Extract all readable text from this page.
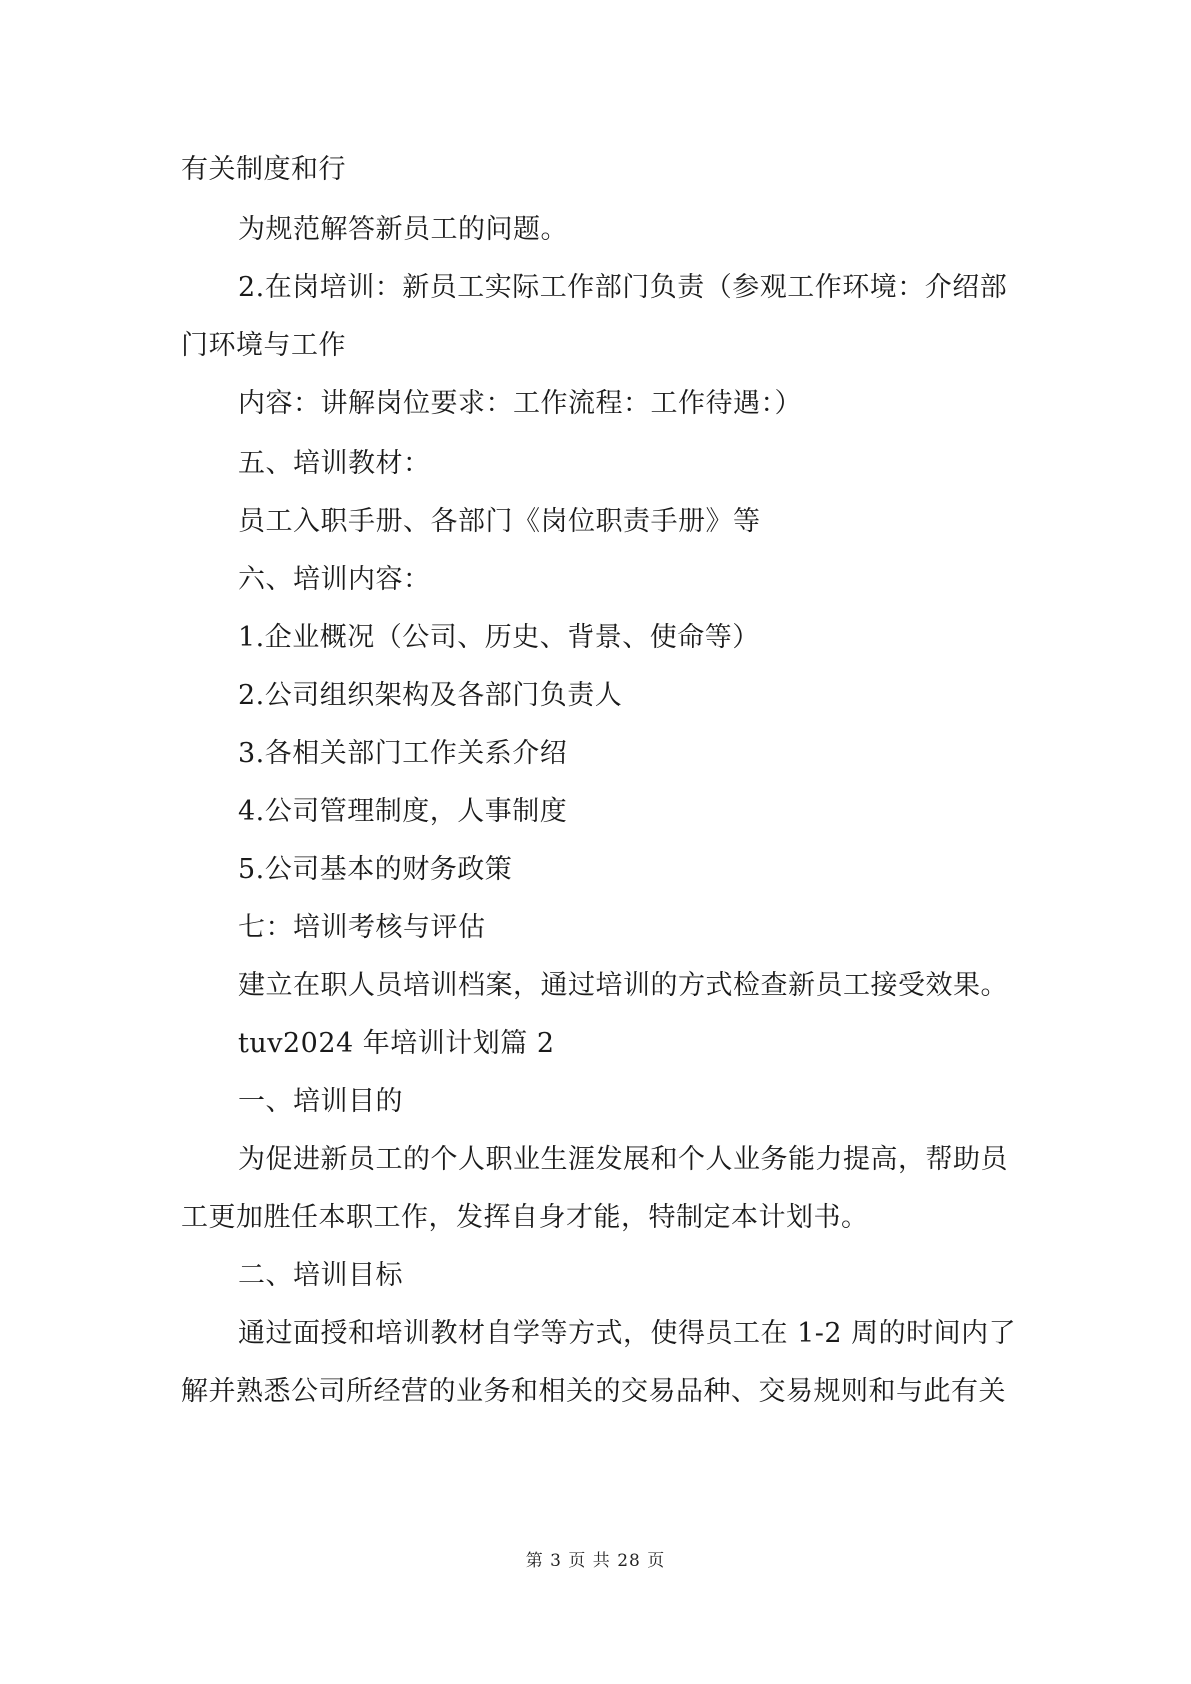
有关制度和行
为规范解答新员工的问题。
2.在岗培训：新员工实际工作部门负责（参观工作环境：介绍部
门环境与工作
内容：讲解岗位要求：工作流程：工作待遇：）
五、培训教材：
员工入职手册、各部门《岗位职责手册》等
六、培训内容：
1.企业概况（公司、历史、背景、使命等）
2.公司组织架构及各部门负责人
3.各相关部门工作关系介绍
4.公司管理制度，人事制度
5.公司基本的财务政策
七：培训考核与评估
建立在职人员培训档案，通过培训的方式检查新员工接受效果。
tuv2024 年培训计划篇 2
一、培训目的
为促进新员工的个人职业生涯发展和个人业务能力提高，帮助员
工更加胜任本职工作，发挥自身才能，特制定本计划书。
二、培训目标
通过面授和培训教材自学等方式，使得员工在 1-2 周的时间内了
解并熟悉公司所经营的业务和相关的交易品种、交易规则和与此有关
第 3 页 共 28 页
